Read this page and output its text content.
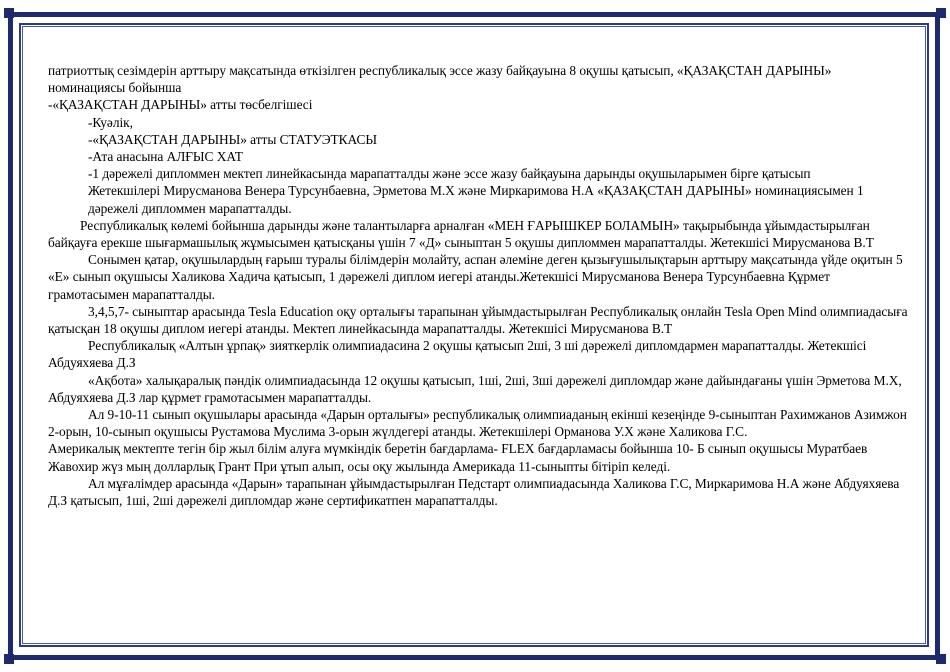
патриоттық сезімдерін арттыру мақсатында өткізілген республикалық эссе жазу байқауына 8 оқушы қатысып, «ҚАЗАҚСТАН ДАРЫНЫ» номинациясы бойынша

-«ҚАЗАҚСТАН ДАРЫНЫ» атты төсбелгішесі

-Куәлік,

-«ҚАЗАҚСТАН ДАРЫНЫ» атты СТАТУЭТКАСЫ

-Ата анасына АЛҒЫС ХАТ

-1 дәрежелі дипломмен мектеп линейкасында марапатталды және эссе жазу байқауына дарынды оқушыларымен бірге қатысып

Жетекшілері Мирусманова Венера Турсунбаевна, Эрметова М.Х және Миркаримова Н.А «ҚАЗАҚСТАН ДАРЫНЫ» номинациясымен 1 дәрежелі дипломмен марапатталды.

Республикалық көлемі бойынша дарынды және талантыларға арналған «МЕН ҒАРЫШКЕР БОЛАМЫН» тақырыбында ұйымдастырылған байқауға ерекше шығармашылық жұмысымен қатысқаны үшін 7 «Д» сыныптан 5 оқушы дипломмен марапатталды. Жетекшісі Мирусманова В.Т

Сонымен қатар, оқушылардың ғарыш туралы білімдерін молайту, аспан әлеміне деген қызығушылықтарын арттыру мақсатында үйде оқитын 5 «Е» сынып оқушысы Халикова Хадича қатысып, 1 дәрежелі диплом иегері атанды.Жетекшісі Мирусманова Венера Турсунбаевна Құрмет грамотасымен марапатталды.

3,4,5,7- сыныптар арасында Tesla Education оқу орталығы тарапынан ұйымдастырылған Республикалық онлайн Tesla Open Mind олимпиадасыға қатысқан 18 оқушы диплом иегері атанды. Мектеп линейкасында марапатталды. Жетекшісі Мирусманова В.Т

Республикалық «Алтын ұрпақ» зияткерлік олимпиадасина 2 оқушы қатысып 2ші, 3 ші дәрежелі дипломдармен марапатталды. Жетекшісі Абдуяхяева Д.З

«Ақбота» халықаралық пәндік олимпиадасында 12 оқушы қатысып, 1ші, 2ші, 3ші дәрежелі дипломдар және дайындағаны үшін Эрметова М.Х, Абдуяхяева Д.З лар құрмет грамотасымен марапатталды.

Ал 9-10-11 сынып оқушылары арасында «Дарын орталығы» республикалық олимпиаданың екінші кезеңінде 9-сыныптан Рахимжанов Азимжон 2-орын, 10-сынып оқушысы Рустамова Муслима 3-орын жүлдегері атанды. Жетекшілері Орманова У.Х және Халикова Г.С.

Америкалық мектепте тегін бір жыл білім алуға мүмкіндік беретін бағдарлама- FLEX бағдарламасы бойынша 10- Б сынып оқушысы Муратбаев Жавохир жүз мың долларлық Грант При ұтып алып, осы оқу жылында Америкада 11-сыныпты бітіріп келеді.

Ал мұғалімдер арасында «Дарын» тарапынан ұйымдастырылған Педстарт олимпиадасында Халикова Г.С, Миркаримова Н.А және Абдуяхяева Д.З қатысып, 1ші, 2ші дәрежелі дипломдар және сертификатпен марапатталды.
